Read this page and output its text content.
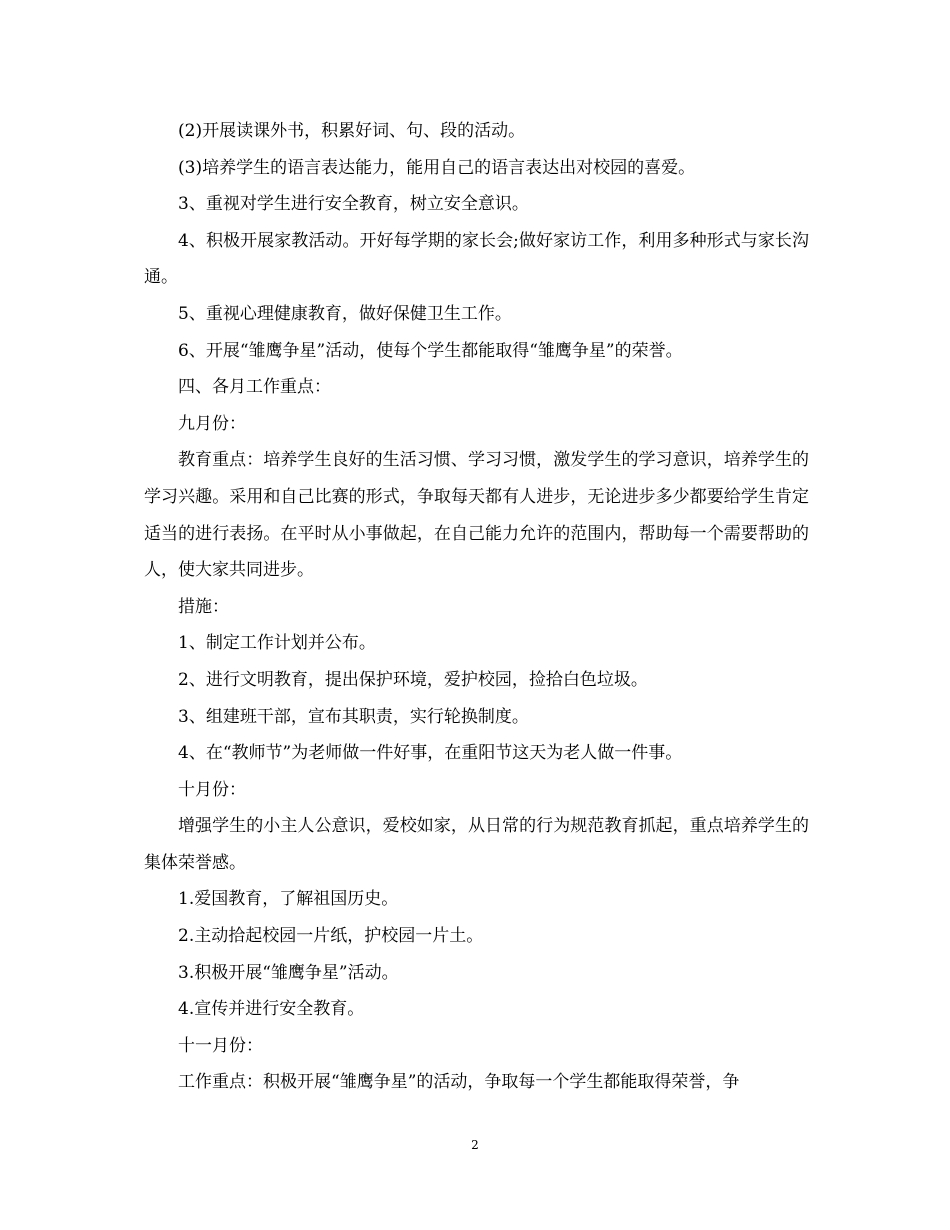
(2)开展读课外书，积累好词、句、段的活动。

(3)培养学生的语言表达能力，能用自己的语言表达出对校园的喜爱。

3、重视对学生进行安全教育，树立安全意识。

4、积极开展家教活动。开好每学期的家长会;做好家访工作，利用多种形式与家长沟通。

5、重视心理健康教育，做好保健卫生工作。

6、开展“雏鹰争星”活动，使每个学生都能取得“雏鹰争星”的荣誉。

四、各月工作重点：

九月份：

教育重点：培养学生良好的生活习惯、学习习惯，激发学生的学习意识，培养学生的学习兴趣。采用和自己比赛的形式，争取每天都有人进步，无论进步多少都要给学生肯定适当的进行表扬。在平时从小事做起，在自己能力允许的范围内，帮助每一个需要帮助的人，使大家共同进步。

措施：

1、制定工作计划并公布。

2、进行文明教育，提出保护环境，爱护校园，捡拾白色垃圾。

3、组建班干部，宣布其职责，实行轮换制度。

4、在“教师节”为老师做一件好事，在重阳节这天为老人做一件事。

十月份：

增强学生的小主人公意识，爱校如家，从日常的行为规范教育抓起，重点培养学生的集体荣誉感。

1.爱国教育，了解祖国历史。

2.主动拾起校园一片纸，护校园一片土。

3.积极开展“雏鹰争星”活动。

4.宣传并进行安全教育。

十一月份：

工作重点：积极开展“雏鹰争星”的活动，争取每一个学生都能取得荣誉，争

2
